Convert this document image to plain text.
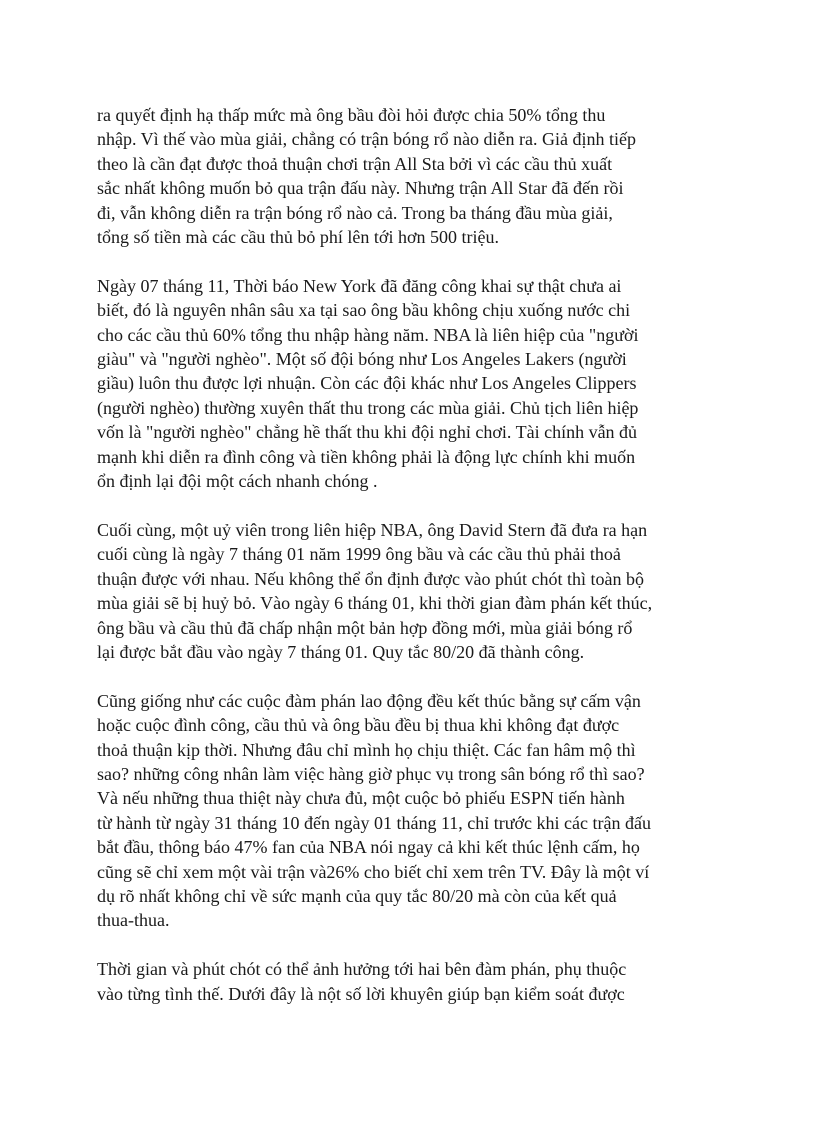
ra quyết định hạ thấp mức mà ông bầu đòi hỏi được chia 50% tổng thu
nhập. Vì thế vào mùa giải, chẳng có trận bóng rổ nào diễn ra. Giả định tiếp
theo là cần đạt được thoả thuận chơi trận All Sta bởi vì các cầu thủ xuất
sắc nhất không muốn bỏ qua trận đấu này. Nhưng trận All Star đã đến rồi
đi, vẫn không diễn ra trận bóng rổ nào cả. Trong ba tháng đầu mùa giải,
tổng số tiền mà các cầu thủ bỏ phí lên tới hơn 500 triệu.

Ngày 07 tháng 11, Thời báo New York đã đăng công khai sự thật chưa ai
biết, đó là nguyên nhân sâu xa tại sao ông bầu không chịu xuống nước chi
cho các cầu thủ 60% tổng thu nhập hàng năm. NBA là liên hiệp của "người
giàu" và "người nghèo". Một số đội bóng như Los Angeles Lakers (người
giầu) luôn thu được lợi nhuận. Còn các đội khác như Los Angeles Clippers
(người nghèo) thường xuyên thất thu trong các mùa giải. Chủ tịch liên hiệp
vốn là "người nghèo" chẳng hề thất thu khi đội nghỉ chơi. Tài chính vẫn đủ
mạnh khi diễn ra đình công và tiền không phải là động lực chính khi muốn
ổn định lại đội một cách nhanh chóng .

Cuối cùng, một uỷ viên trong liên hiệp NBA, ông David Stern đã đưa ra hạn
cuối cùng là ngày 7 tháng 01 năm 1999 ông bầu và các cầu thủ phải thoả
thuận được với nhau. Nếu không thể ổn định được vào phút chót thì toàn bộ
mùa giải sẽ bị huỷ bỏ. Vào ngày 6 tháng 01, khi thời gian đàm phán kết thúc,
ông bầu và cầu thủ đã chấp nhận một bản hợp đồng mới, mùa giải bóng rổ
lại được bắt đầu vào ngày 7 tháng 01. Quy tắc 80/20 đã thành công.

Cũng giống như các cuộc đàm phán lao động đều kết thúc bằng sự cấm vận
hoặc cuộc đình công, cầu thủ và ông bầu đều bị thua khi không đạt được
thoả thuận kịp thời. Nhưng đâu chỉ mình họ chịu thiệt. Các fan hâm mộ thì
sao? những công nhân làm việc hàng giờ phục vụ trong sân bóng rổ thì sao?
Và nếu những thua thiệt này chưa đủ, một cuộc bỏ phiếu ESPN tiến hành
từ hành từ ngày 31 tháng 10 đến ngày 01 tháng 11, chỉ trước khi các trận đấu
bắt đầu, thông báo 47% fan của NBA nói ngay cả khi kết thúc lệnh cấm, họ
cũng sẽ chỉ xem một vài trận và26% cho biết chỉ xem trên TV. Đây là một ví
dụ rõ nhất không chỉ về sức mạnh của quy tắc 80/20 mà còn của kết quả
thua-thua.

Thời gian và phút chót có thể ảnh hưởng tới hai bên đàm phán, phụ thuộc
vào từng tình thế. Dưới đây là nột số lời khuyên giúp bạn kiểm soát được
